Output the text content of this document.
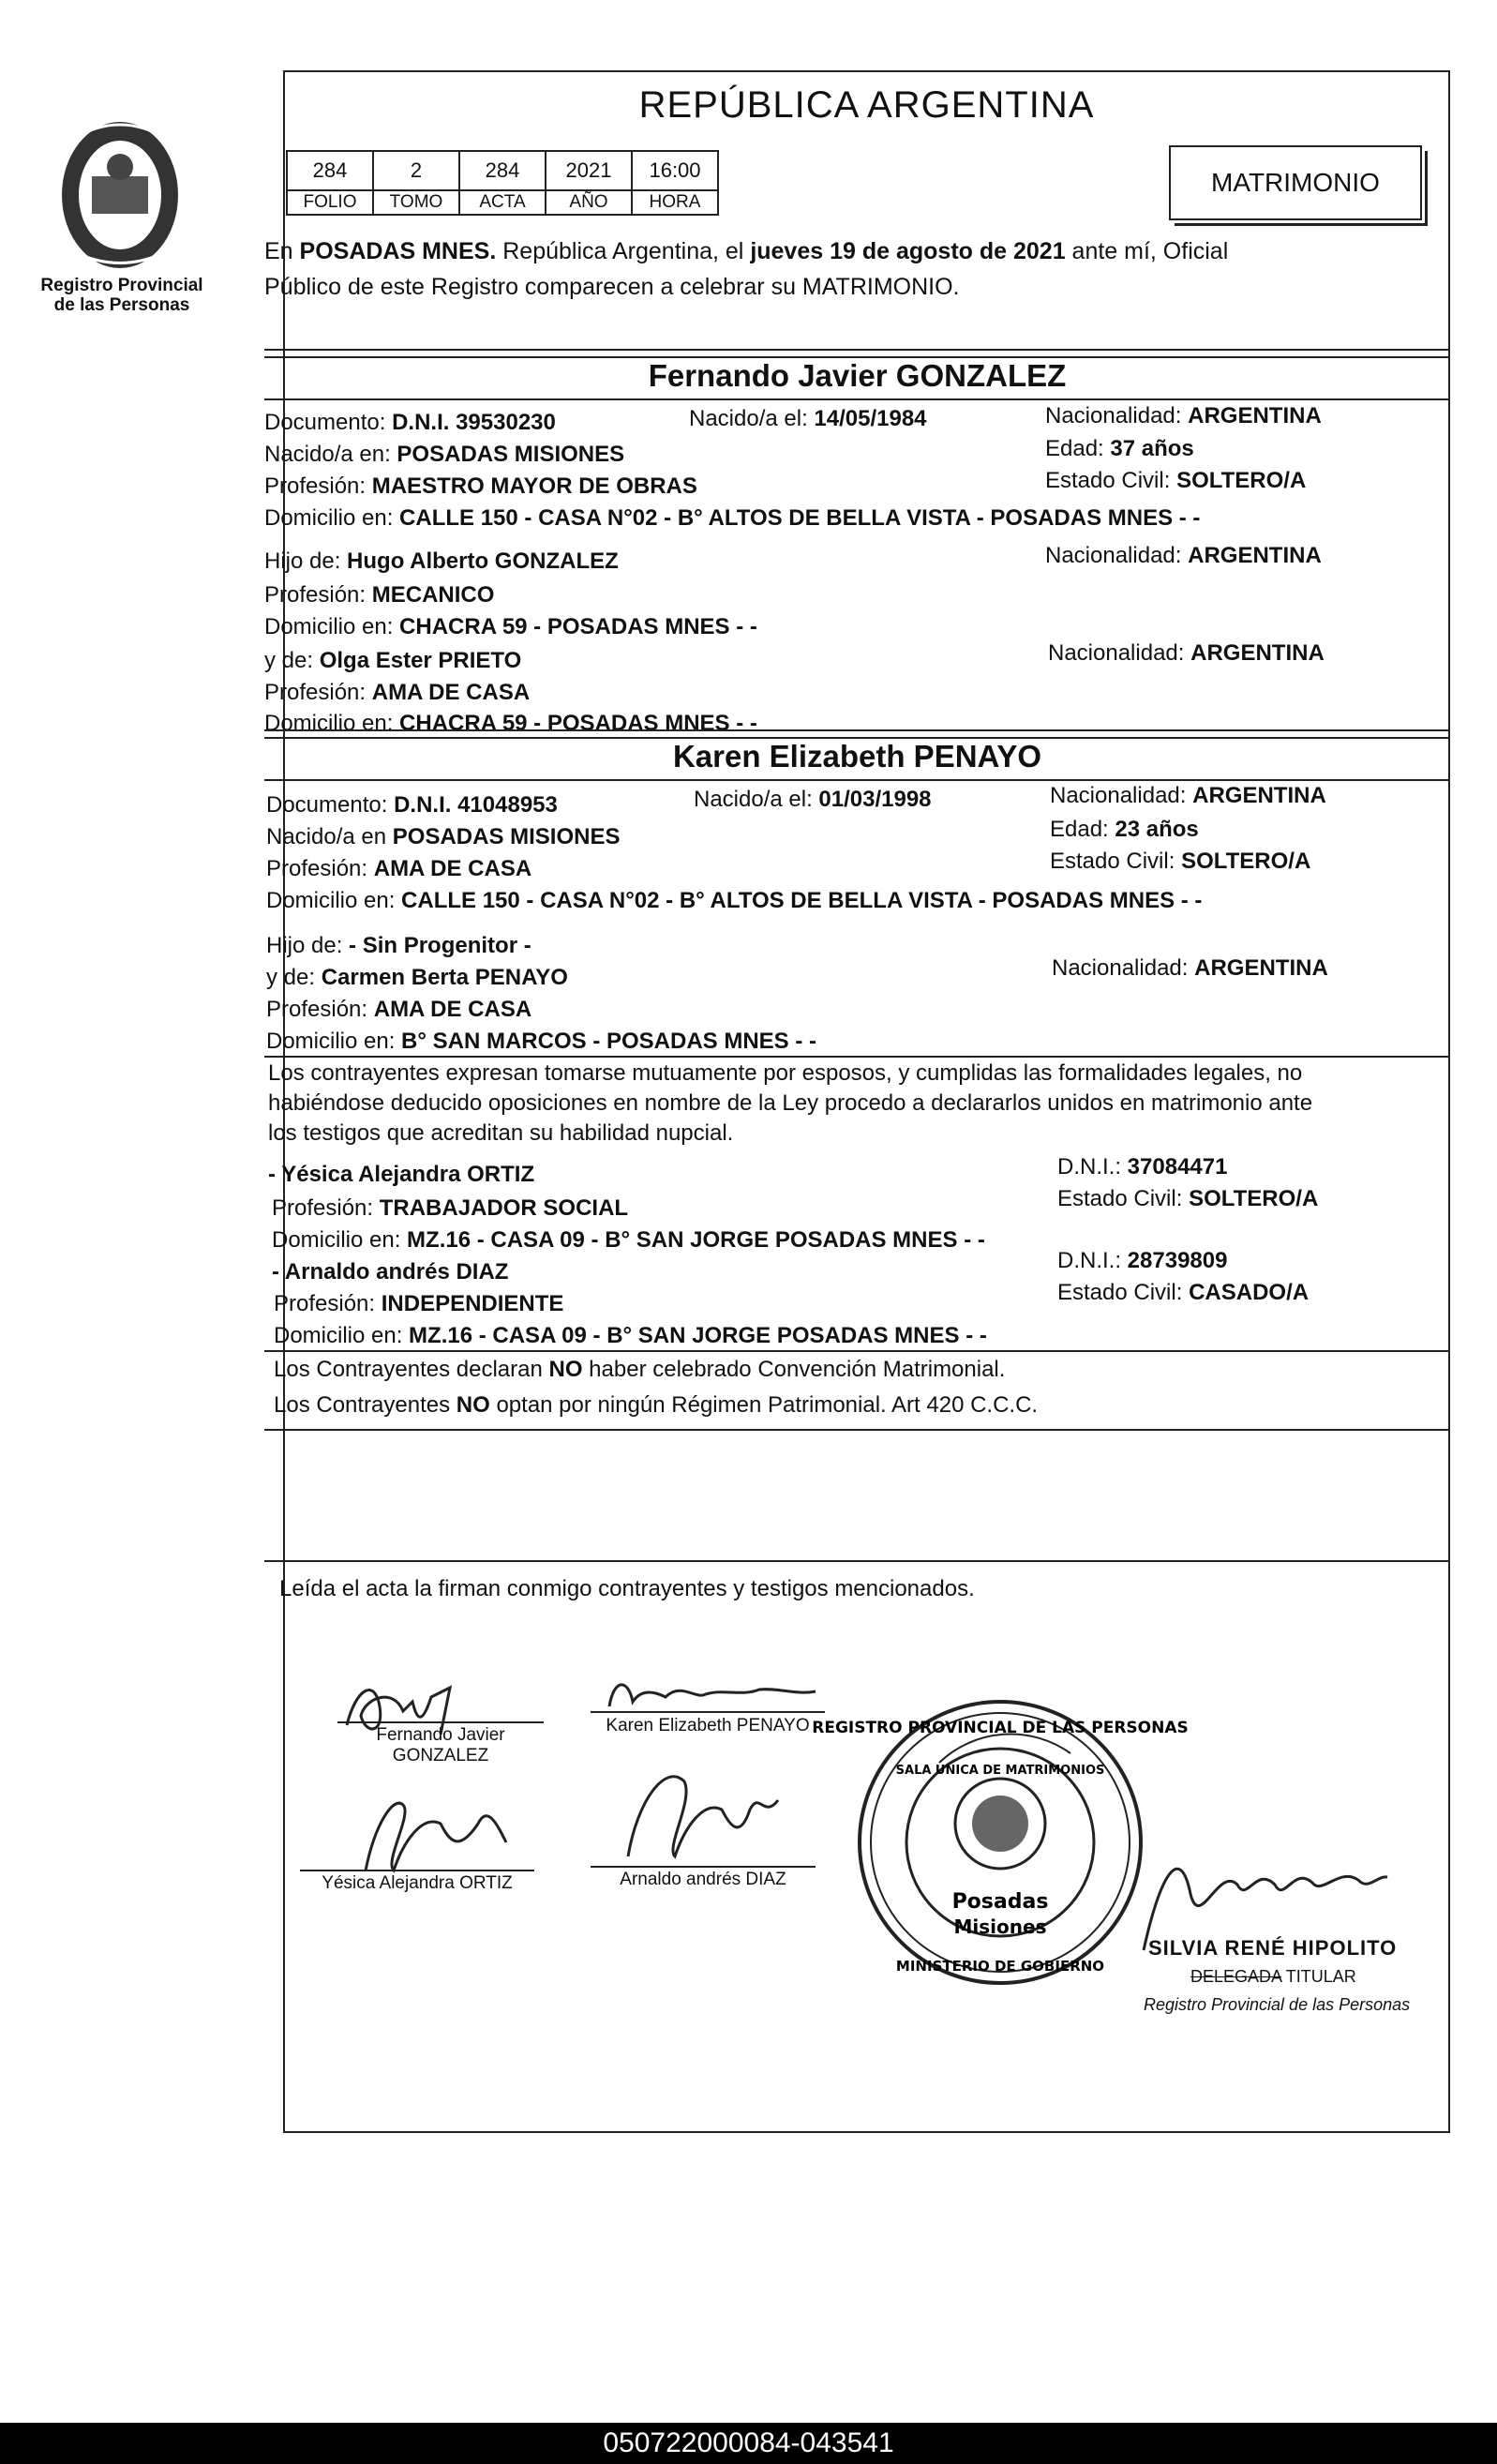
Registro Provincial
de las Personas
REPÚBLICA ARGENTINA
284	2	284	2021	16:00
FOLIO	TOMO	ACTA	AÑO	HORA
MATRIMONIO
En POSADAS MNES. República Argentina, el jueves 19 de agosto de 2021 ante mí, Oficial
Público de este Registro comparecen a celebrar su MATRIMONIO.
Fernando Javier GONZALEZ
Documento: D.N.I. 39530230	Nacido/a el: 14/05/1984	Nacionalidad: ARGENTINA
Nacido/a en: POSADAS MISIONES	Edad: 37 años
Profesión: MAESTRO MAYOR DE OBRAS	Estado Civil: SOLTERO/A
Domicilio en: CALLE 150 - CASA N°02 - B° ALTOS DE BELLA VISTA - POSADAS MNES - -
Hijo de: Hugo Alberto GONZALEZ	Nacionalidad: ARGENTINA
Profesión: MECANICO
Domicilio en: CHACRA 59 - POSADAS MNES - -
y de: Olga Ester PRIETO	Nacionalidad: ARGENTINA
Profesión: AMA DE CASA
Domicilio en: CHACRA 59 - POSADAS MNES - -
Karen Elizabeth PENAYO
Documento: D.N.I. 41048953	Nacido/a el: 01/03/1998	Nacionalidad: ARGENTINA
Nacido/a en POSADAS MISIONES	Edad: 23 años
Profesión: AMA DE CASA	Estado Civil: SOLTERO/A
Domicilio en: CALLE 150 - CASA N°02 - B° ALTOS DE BELLA VISTA - POSADAS MNES - -
Hijo de: - Sin Progenitor -
y de: Carmen Berta PENAYO	Nacionalidad: ARGENTINA
Profesión: AMA DE CASA
Domicilio en: B° SAN MARCOS - POSADAS MNES - -
Los contrayentes expresan tomarse mutuamente por esposos, y cumplidas las formalidades legales, no
habiéndose deducido oposiciones en nombre de la Ley procedo a declararlos unidos en matrimonio ante
los testigos que acreditan su habilidad nupcial.
- Yésica Alejandra ORTIZ	D.N.I.: 37084471
Profesión: TRABAJADOR SOCIAL	Estado Civil: SOLTERO/A
Domicilio en: MZ.16 - CASA 09 - B° SAN JORGE POSADAS MNES - -
- Arnaldo andrés DIAZ	D.N.I.: 28739809
Profesión: INDEPENDIENTE	Estado Civil: CASADO/A
Domicilio en: MZ.16 - CASA 09 - B° SAN JORGE POSADAS MNES - -
Los Contrayentes declaran NO haber celebrado Convención Matrimonial.
Los Contrayentes NO optan por ningún Régimen Patrimonial. Art 420 C.C.C.
Leída el acta la firman conmigo contrayentes y testigos mencionados.
Fernando Javier
GONZALEZ
Karen Elizabeth PENAYO
Yésica Alejandra ORTIZ	Arnaldo andrés DIAZ
Posadas
Misiones
REGISTRO PROVINCIAL DE LAS PERSONAS
SALA UNICA DE MATRIMONIOS
MINISTERIO DE GOBIERNO
SILVIA RENÉ HIPOLITO
DELEGADA TITULAR
Registro Provincial de las Personas
050722000084-043541
